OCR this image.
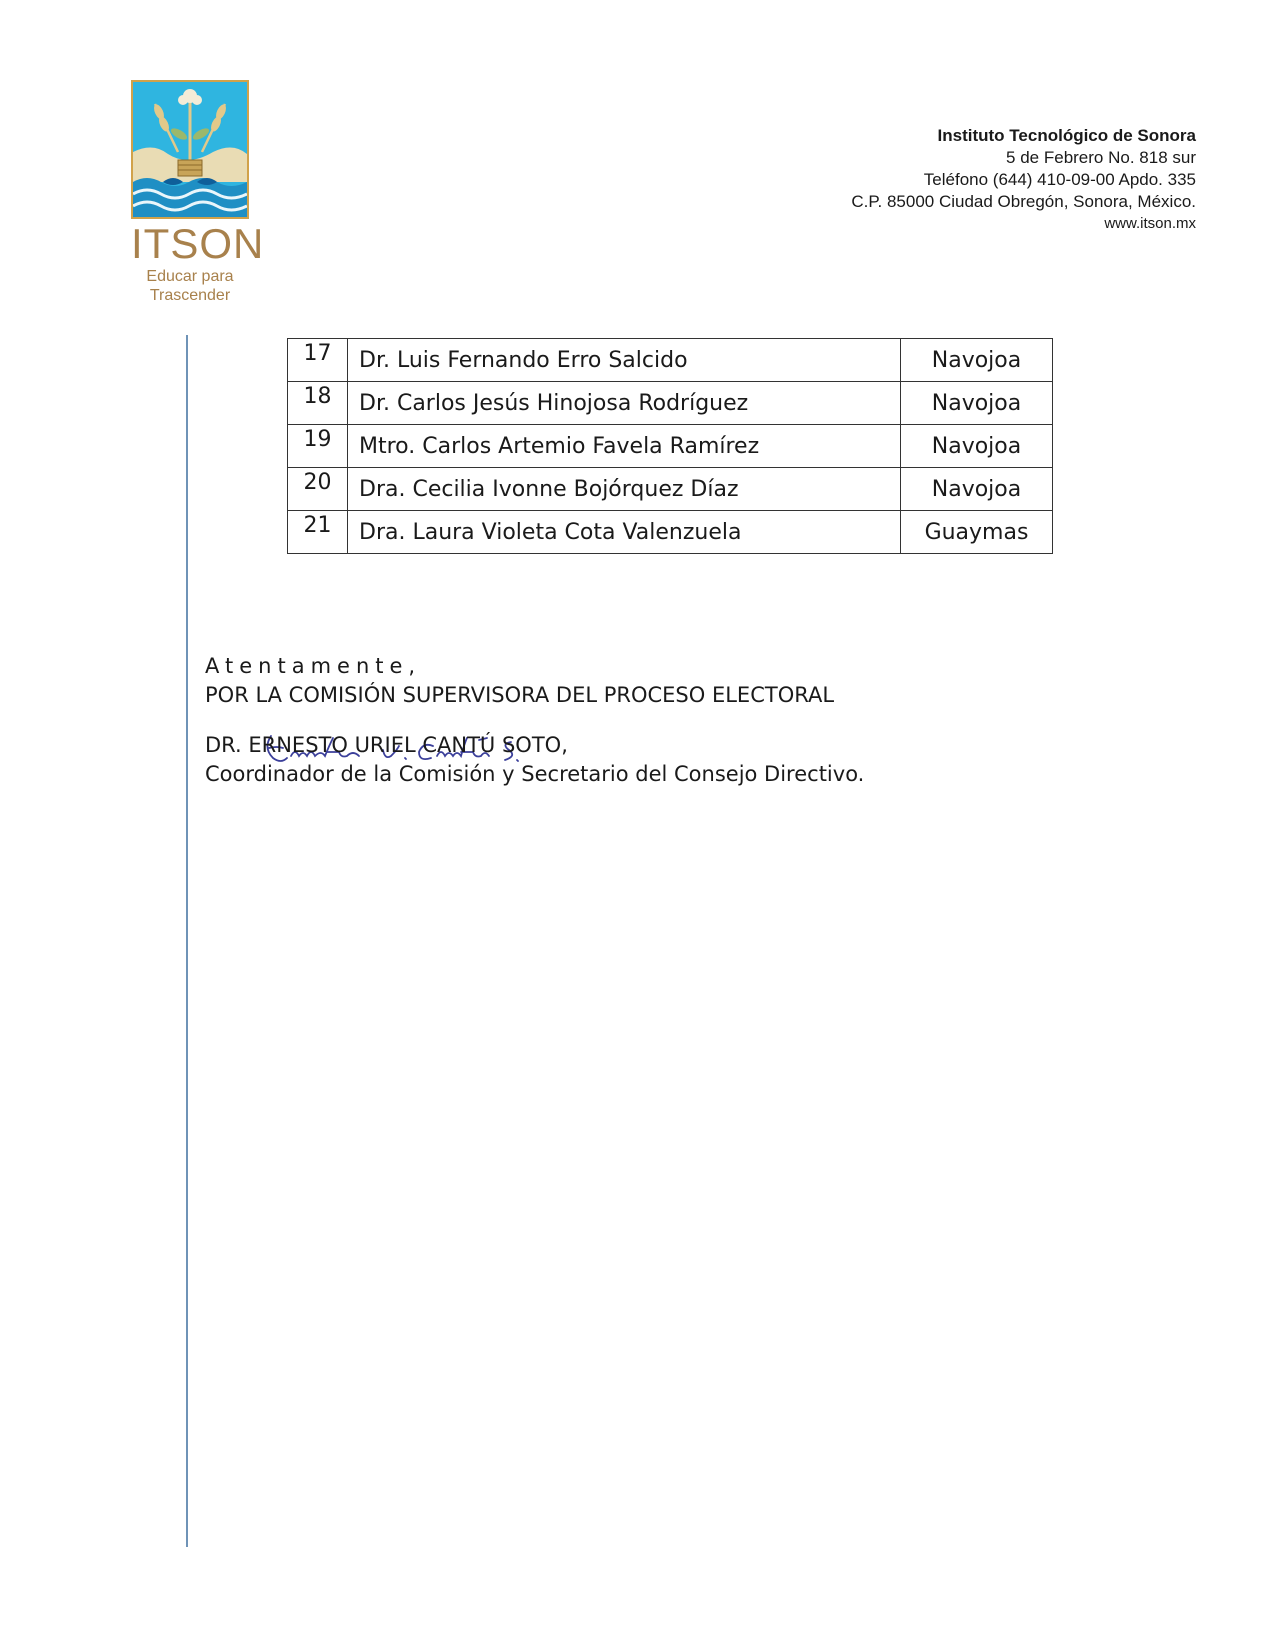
ITSON
Educar para
Trascender
Instituto Tecnológico de Sonora
5 de Febrero No. 818 sur
Teléfono (644) 410-09-00 Apdo. 335
C.P. 85000 Ciudad Obregón, Sonora, México.
www.itson.mx
17	Dr. Luis Fernando Erro Salcido	Navojoa
18	Dr. Carlos Jesús Hinojosa Rodríguez	Navojoa
19	Mtro. Carlos Artemio Favela Ramírez	Navojoa
20	Dra. Cecilia Ivonne Bojórquez Díaz	Navojoa
21	Dra. Laura Violeta Cota Valenzuela	Guaymas
Atentamente,
POR LA COMISIÓN SUPERVISORA DEL PROCESO ELECTORAL
DR. ERNESTO URIEL CANTÚ SOTO,
Coordinador de la Comisión y Secretario del Consejo Directivo.
